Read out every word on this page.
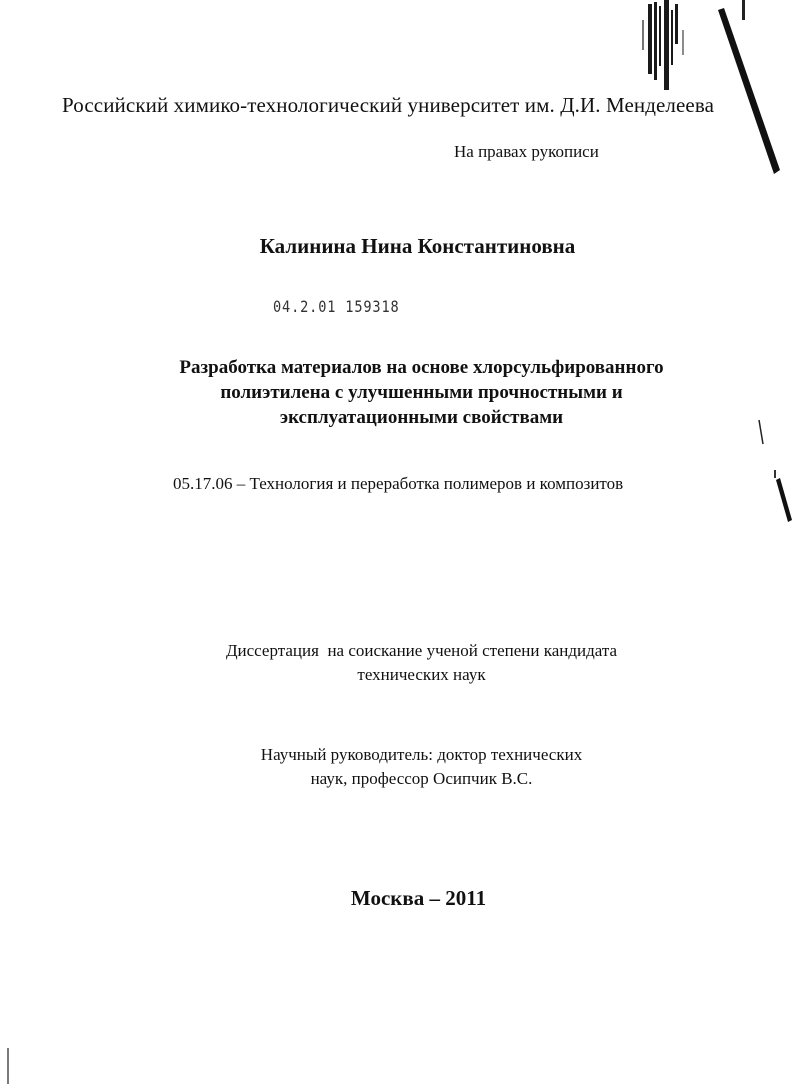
Российский химико-технологический университет им. Д.И. Менделеева
На правах рукописи
Калинина Нина Константиновна
04.2.01 159318
Разработка материалов на основе хлорсульфированного
полиэтилена с улучшенными прочностными и
эксплуатационными свойствами
05.17.06 – Технология и переработка полимеров и композитов
Диссертация  на соискание ученой степени кандидата
технических наук
Научный руководитель: доктор технических
наук, профессор Осипчик В.С.
Москва – 2011
